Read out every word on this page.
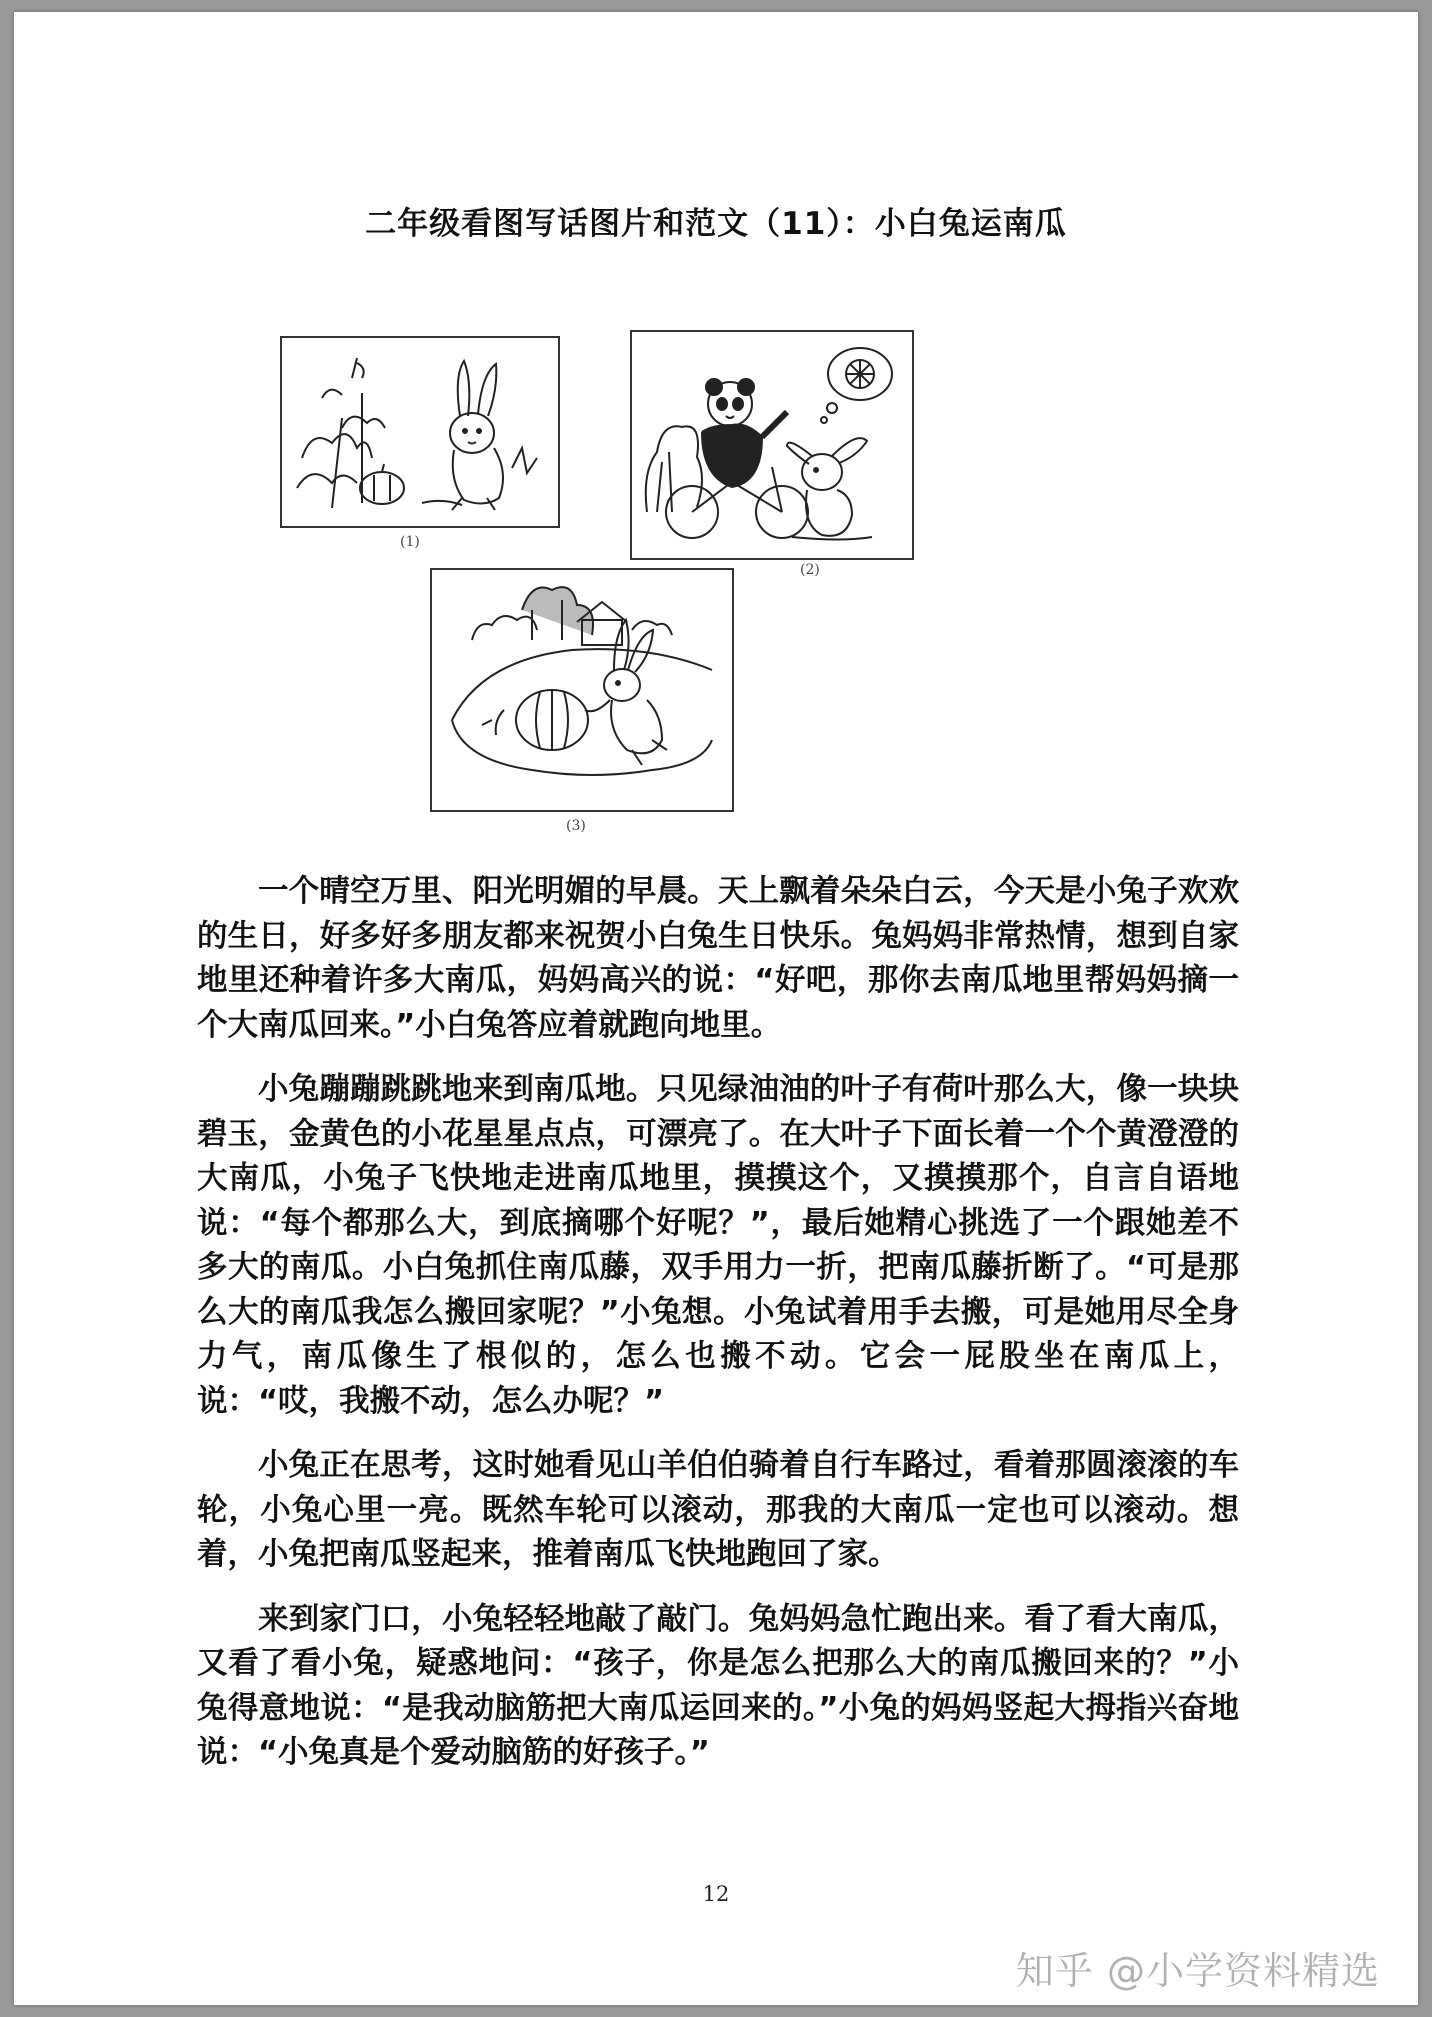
二年级看图写话图片和范文（11）：小白兔运南瓜
(1)
(2)
(3)

一个晴空万里、阳光明媚的早晨。天上飘着朵朵白云，今天是小兔子欢欢的生日，好多好多朋友都来祝贺小白兔生日快乐。兔妈妈非常热情，想到自家地里还种着许多大南瓜，妈妈高兴的说：“好吧，那你去南瓜地里帮妈妈摘一个大南瓜回来。”小白兔答应着就跑向地里。

小兔蹦蹦跳跳地来到南瓜地。只见绿油油的叶子有荷叶那么大，像一块块碧玉，金黄色的小花星星点点，可漂亮了。在大叶子下面长着一个个黄澄澄的大南瓜，小兔子飞快地走进南瓜地里，摸摸这个，又摸摸那个，自言自语地说：“每个都那么大，到底摘哪个好呢？”，最后她精心挑选了一个跟她差不多大的南瓜。小白兔抓住南瓜藤，双手用力一折，把南瓜藤折断了。“可是那么大的南瓜我怎么搬回家呢？”小兔想。小兔试着用手去搬，可是她用尽全身力气，南瓜像生了根似的，怎么也搬不动。它会一屁股坐在南瓜上，说：“哎，我搬不动，怎么办呢？”

小兔正在思考，这时她看见山羊伯伯骑着自行车路过，看着那圆滚滚的车轮，小兔心里一亮。既然车轮可以滚动，那我的大南瓜一定也可以滚动。想着，小兔把南瓜竖起来，推着南瓜飞快地跑回了家。

来到家门口，小兔轻轻地敲了敲门。兔妈妈急忙跑出来。看了看大南瓜，又看了看小兔，疑惑地问：“孩子，你是怎么把那么大的南瓜搬回来的？”小兔得意地说：“是我动脑筋把大南瓜运回来的。”小兔的妈妈竖起大拇指兴奋地说：“小兔真是个爱动脑筋的好孩子。”

12
知乎 @小学资料精选
